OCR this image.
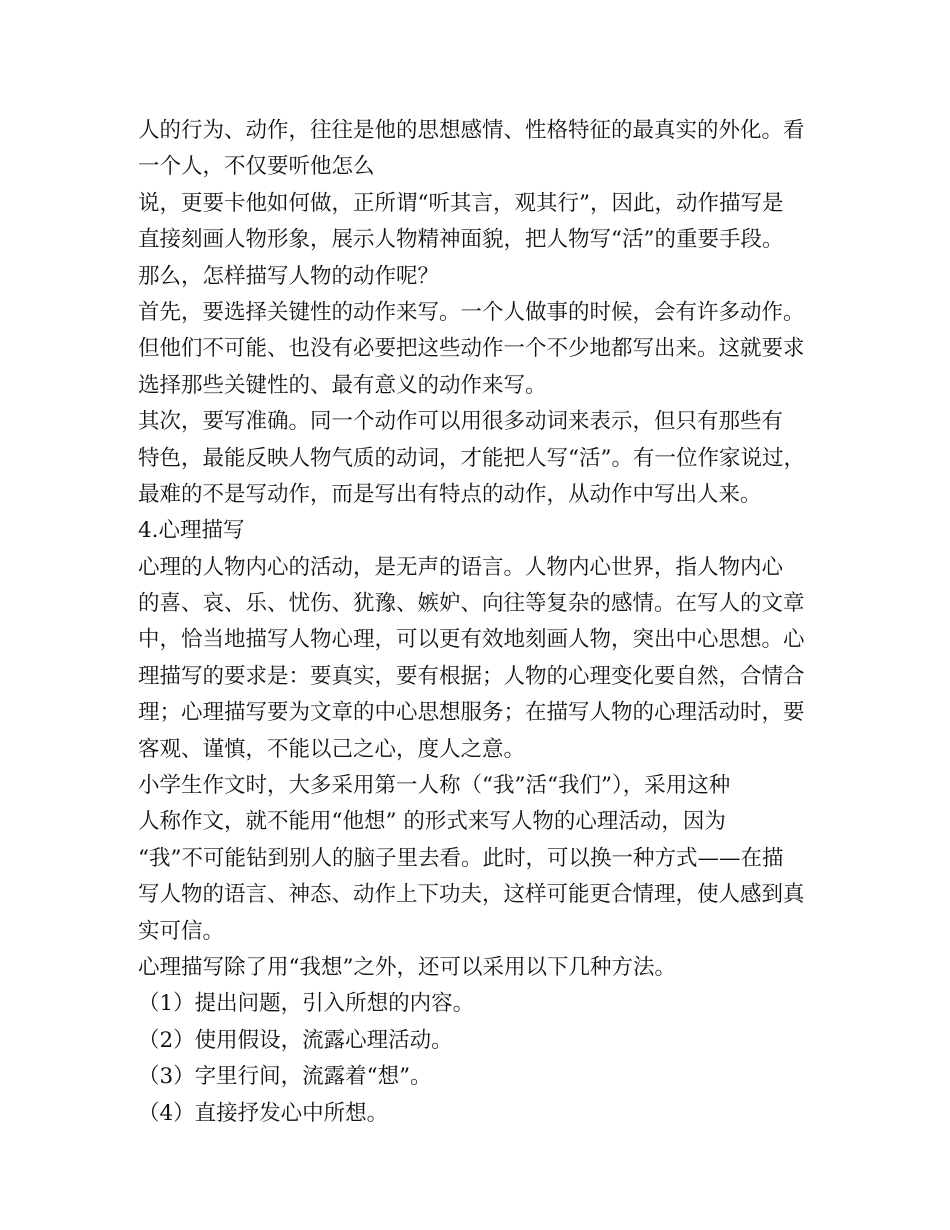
人的行为、动作，往往是他的思想感情、性格特征的最真实的外化。看
一个人，不仅要听他怎么
说，更要卡他如何做，正所谓“听其言，观其行”，因此，动作描写是
直接刻画人物形象，展示人物精神面貌，把人物写“活”的重要手段。
那么，怎样描写人物的动作呢？
首先，要选择关键性的动作来写。一个人做事的时候，会有许多动作。
但他们不可能、也没有必要把这些动作一个不少地都写出来。这就要求
选择那些关键性的、最有意义的动作来写。
其次，要写准确。同一个动作可以用很多动词来表示，但只有那些有
特色，最能反映人物气质的动词，才能把人写“活”。有一位作家说过，
最难的不是写动作，而是写出有特点的动作，从动作中写出人来。
4.心理描写
心理的人物内心的活动，是无声的语言。人物内心世界，指人物内心
的喜、哀、乐、忧伤、犹豫、嫉妒、向往等复杂的感情。在写人的文章
中，恰当地描写人物心理，可以更有效地刻画人物，突出中心思想。心
理描写的要求是：要真实，要有根据；人物的心理变化要自然，合情合
理；心理描写要为文章的中心思想服务；在描写人物的心理活动时，要
客观、谨慎，不能以己之心，度人之意。
小学生作文时，大多采用第一人称（“我”活“我们”），采用这种
人称作文，就不能用“他想” 的形式来写人物的心理活动，因为
“我”不可能钻到别人的脑子里去看。此时，可以换一种方式——在描
写人物的语言、神态、动作上下功夫，这样可能更合情理，使人感到真
实可信。
心理描写除了用“我想”之外，还可以采用以下几种方法。
（1）提出问题，引入所想的内容。
（2）使用假设，流露心理活动。
（3）字里行间，流露着“想”。
（4）直接抒发心中所想。
